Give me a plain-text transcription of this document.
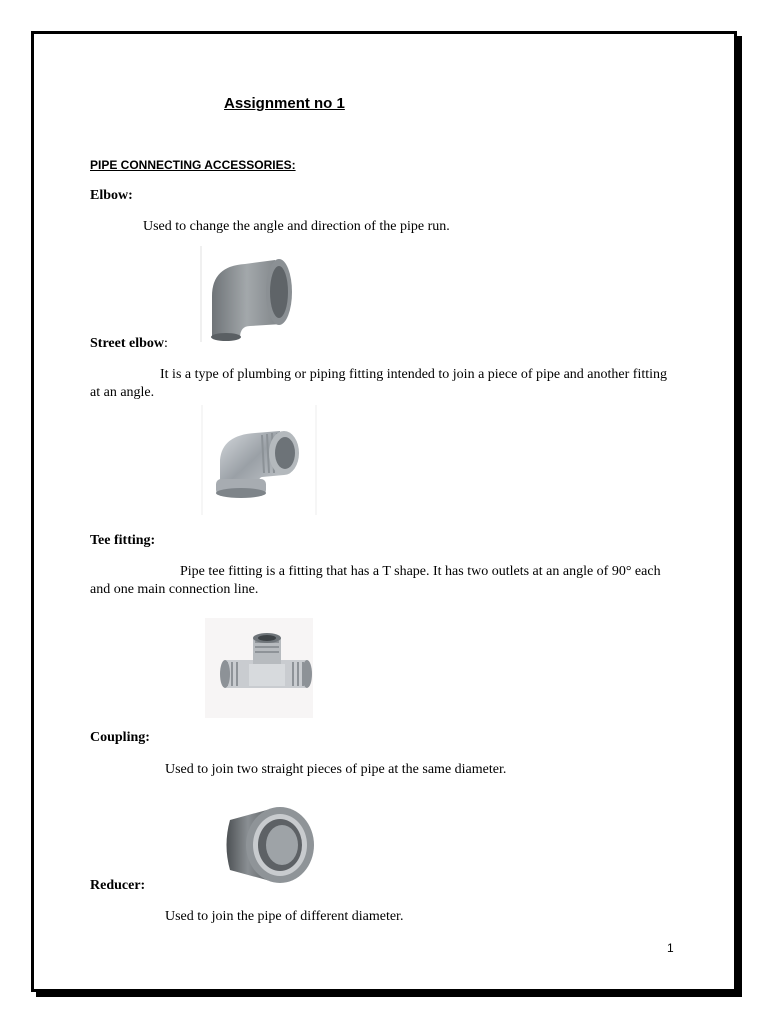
Assignment no 1
PIPE CONNECTING ACCESSORIES:
Elbow:
Used to change the angle and direction of the pipe run.
Street elbow:
It is a type of plumbing or piping fitting intended to join a piece of pipe and another fitting at an angle.
Tee fitting:
Pipe tee fitting is a fitting that has a T shape. It has two outlets at an angle of 90° each and one main connection line.
Coupling:
Used to join two straight pieces of pipe at the same diameter.
Reducer:
Used to join the pipe of different diameter.
1
